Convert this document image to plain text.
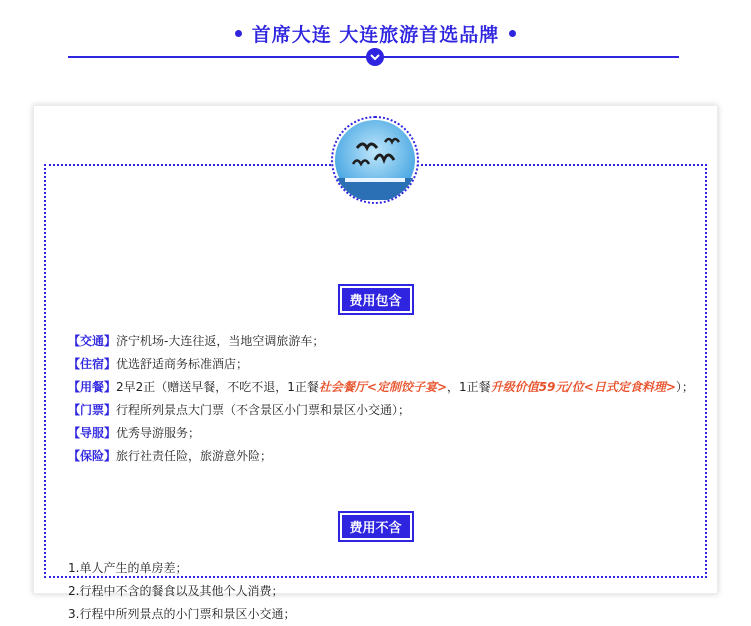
首席大连 大连旅游首选品牌
费用包含
【交通】济宁机场-大连往返，当地空调旅游车；
【住宿】优选舒适商务标准酒店；
【用餐】2早2正（赠送早餐，不吃不退，1正餐社会餐厅<定制饺子宴>，1正餐升级价值59元/位<日式定食料理>）；
【门票】行程所列景点大门票（不含景区小门票和景区小交通）；
【导服】优秀导游服务；
【保险】旅行社责任险，旅游意外险；
费用不含
1.单人产生的单房差；
2.行程中不含的餐食以及其他个人消费；
3.行程中所列景点的小门票和景区小交通；
